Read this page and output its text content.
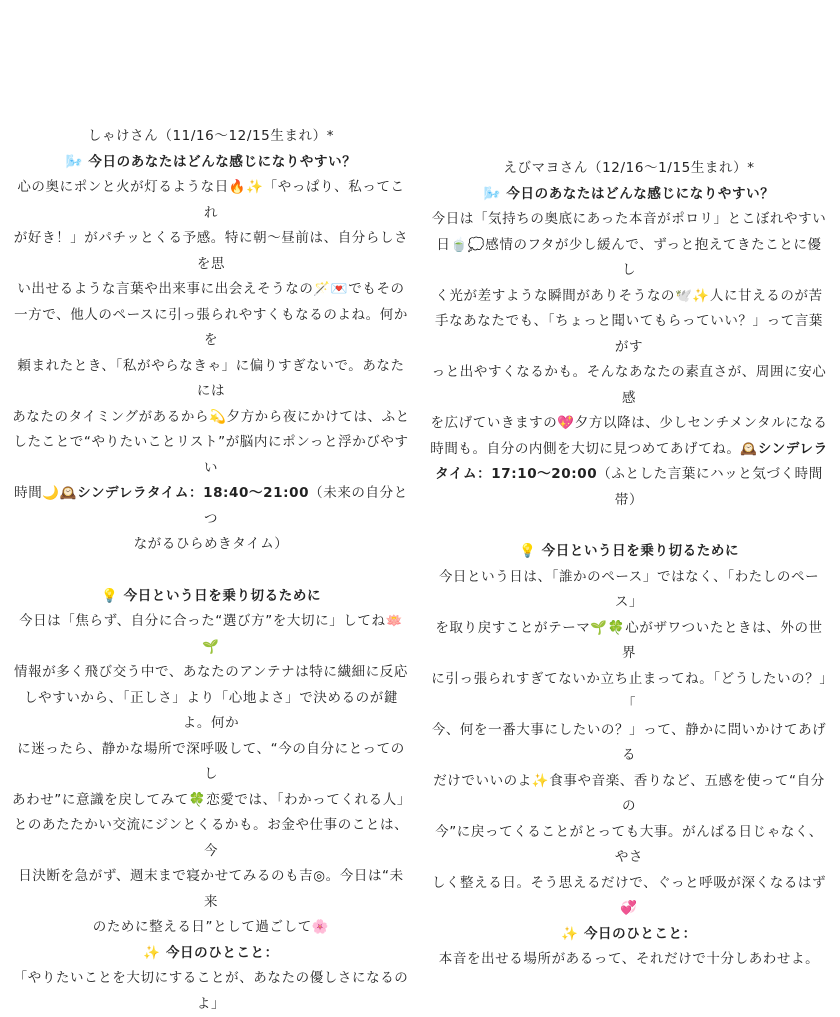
しゃけさん（11/16〜12/15生まれ）*

🌬️ 今日のあなたはどんな感じになりやすい？

心の奥にポンと火が灯るような日🔥✨「やっぱり、私ってこれ

が好き！」がパチッとくる予感。特に朝〜昼前は、自分らしさを思

い出せるような言葉や出来事に出会えそうなの🪄💌でもその

一方で、他人のペースに引っ張られやすくもなるのよね。何かを

頼まれたとき、「私がやらなきゃ」に偏りすぎないで。あなたには

あなたのタイミングがあるから💫夕方から夜にかけては、ふと

したことで“やりたいことリスト”が脳内にポンっと浮かびやすい

時間🌙🕰️シンデレラタイム：18:40〜21:00（未来の自分とつ

ながるひらめきタイム）

💡 今日という日を乗り切るために

今日は「焦らず、自分に合った“選び方”を大切に」してね🪷🌱

情報が多く飛び交う中で、あなたのアンテナは特に繊細に反応

しやすいから、「正しさ」より「心地よさ」で決めるのが鍵よ。何か

に迷ったら、静かな場所で深呼吸して、“今の自分にとってのし

あわせ”に意識を戻してみて🍀恋愛では、「わかってくれる人」

とのあたたかい交流にジンとくるかも。お金や仕事のことは、今

日決断を急がず、週末まで寝かせてみるのも吉◎。今日は“未来

のために整える日”として過ごして🌸

✨ 今日のひとこと：

「やりたいことを大切にすることが、あなたの優しさになるのよ」

えびマヨさん（12/16〜1/15生まれ）*

🌬️ 今日のあなたはどんな感じになりやすい？

今日は「気持ちの奥底にあった本音がポロリ」とこぼれやすい

日🍵💭感情のフタが少し緩んで、ずっと抱えてきたことに優し

く光が差すような瞬間がありそうなの🕊️✨人に甘えるのが苦

手なあなたでも、「ちょっと聞いてもらっていい？」って言葉がす

っと出やすくなるかも。そんなあなたの素直さが、周囲に安心感

を広げていきますの💖夕方以降は、少しセンチメンタルになる

時間も。自分の内側を大切に見つめてあげてね。🕰️シンデレラ

タイム：17:10〜20:00（ふとした言葉にハッと気づく時間帯）

💡 今日という日を乗り切るために

今日という日は、「誰かのペース」ではなく、「わたしのペース」

を取り戻すことがテーマ🌱🍀心がザワついたときは、外の世界

に引っ張られすぎてないか立ち止まってね。「どうしたいの？」「

今、何を一番大事にしたいの？」って、静かに問いかけてあげる

だけでいいのよ✨食事や音楽、香りなど、五感を使って“自分の

今”に戻ってくることがとっても大事。がんばる日じゃなく、やさ

しく整える日。そう思えるだけで、ぐっと呼吸が深くなるはず💞

✨ 今日のひとこと：

本音を出せる場所があるって、それだけで十分しあわせよ。
